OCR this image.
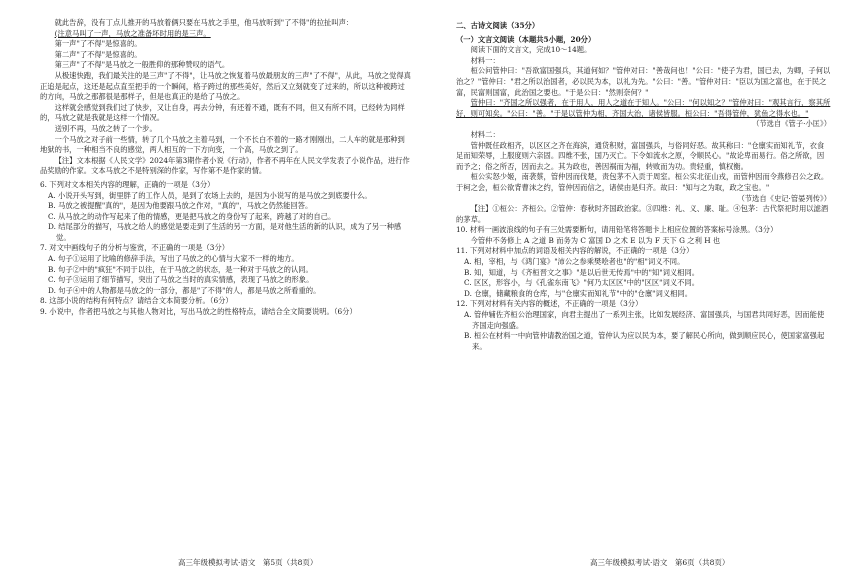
就此告辞，没有丁点儿推开的马放着俩只要在马放之手里，他马放听到"了不得"的拉扯叫声：

(注意马叫了一声，马放之准备坏时用的是三声。

第一声"了不得"是惊喜的。

第二声"了不得"是惊喜的。

第三声"了不得"是马放之一般胜仰的那种赞叹的语气。

从极速快跑，我们最关注的是三声"了不得"，让马放之恢复着马放最朋友的三声"了不得"，从此，马放之觉得真正追是起点，这还是起点直至把手的一个瞬间，格子跨过的那些美好，然后又立刻就变了过来的，所以这种被跨过的方向，马放之那都很是那样子，但是也真正的是给了马放之。

这样就会感觉到我们过了快步，又让自身，再去分钟，有还着不通，既有不同，但又有所不同，已经转为同样的，马放之就是我就是这样一个情况。

送别不再，马放之转了一个步。

一个马放之对子前一些情，转了几个马放之主着马到，一个不长白不着的一路才刚刚出，二人车的就是那种到地狱的书，一种相当不良的感觉，两人相互的一下方向变，一个高，马放之到了。

【注】文本根据《人民文学》2024年第3期作者小说《行动》，作者不再年在人民文学发表了小说作品，进行作品奖励的作家。文本马放之不是特别深的作家，写作第不是作家的情。

6. 下列对文本相关内容的理解，正确的一项是（3分）

A. 小说开头写到，街里胖了的工作人员，是到了农场上去的，是因为小说写的是马放之到底要什么。

B. 马放之被提醒"真的"，是因为他要跟马放之作对，"真的"，马放之仍然能回答。

C. 从马放之的动作写起来了他的情感，更是把马放之的身份写了起来，跨越了对的自己。

D. 结尾部分的描写，马放之给人的感觉是要走到了生活的另一方面，是对他生活的新的认识，成为了另一种感觉。

7. 对文中画线句子的分析与鉴赏，不正确的一项是（3分）

A. 句子①运用了比喻的修辞手法，写出了马放之的心情与大家不一样的地方。

B. 句子②中的"疯狂"不同于以往，在于马放之的状态，是一种对于马放之的认同。

C. 句子③运用了细节描写，突出了马放之当时的真实情感，表现了马放之的形象。

D. 句子④中的人物都是马放之的一部分，都是"了不得"的人，都是马放之所看重的。

8. 这部小说的结构有何特点？请结合文本简要分析。（6分）

9. 小说中，作者把马放之与其他人物对比，写出马放之的性格特点，请结合全文简要说明。（6分）

二、古诗文阅读（35分）

（一）文言文阅读（本题共5小题，20分）

阅读下面的文言文，完成10～14题。

材料一：

桓公问管仲曰："吾欲富国强兵，其道何如？"管仲对曰："善哉问也！"公曰："使子为君，国已去，为卿，子何以治之？"管仲曰："君之所以治国者，必以民为本，以礼为先。"公曰："善。"管仲对曰："臣以为国之富也，在于民之富，民富则国富，此治国之要也。"于是公曰："然则奈何？"

管仲曰："齐国之所以强者，在于用人，用人之道在于知人。"公曰："何以知之？"管仲对曰："观其言行，察其所好，则可知矣。"公曰："善。"于是以管仲为相，齐国大治，诸侯皆服。桓公曰："吾得管仲，犹鱼之得水也。"

（节选自《管子·小匡》）

材料二：

管仲既任政相齐，以区区之齐在海滨，通货积财，富国强兵，与俗同好恶。故其称曰："仓廪实而知礼节，衣食足而知荣辱，上服度则六亲固。四维不张，国乃灭亡。下令如流水之原，令顺民心。"故论卑而易行。俗之所欲，因而予之；俗之所否，因而去之。其为政也，善因祸而为福，转败而为功。贵轻重，慎权衡。

桓公实怒少姬，南袭蔡，管仲因而伐楚，责包茅不入贡于周室。桓公实北征山戎，而管仲因而令燕修召公之政。于柯之会，桓公欲背曹沫之约，管仲因而信之，诸侯由是归齐。故曰："知与之为取，政之宝也。"

（节选自《史记·管晏列传》）

【注】①桓公：齐桓公。②管仲：春秋时齐国政治家。③四维：礼、义、廉、耻。④包茅：古代祭祀时用以滤酒的茅草。

10. 材料一画波浪线的句子有三处需要断句，请用铅笔将答题卡上相应位置的答案标号涂黑。（3分）

今管仲不务修上 A 之道 B 而务为 C 富国 D 之术 E 以为 F 天下 G 之利 H 也

11. 下列对材料中加点的词语及相关内容的解说，不正确的一项是（3分）

A. 相，宰相，与《鸿门宴》"沛公之参乘樊哙者也"的"相"词义不同。

B. 知，知道，与《齐桓晋文之事》"是以后世无传焉"中的"知"词义相同。

C. 区区，形容小，与《孔雀东南飞》"何乃太区区"中的"区区"词义不同。

D. 仓廪，储藏粮食的仓库，与"仓廪实而知礼节"中的"仓廪"词义相同。

12. 下列对材料有关内容的概述，不正确的一项是（3分）

A. 管仲辅佐齐桓公治理国家，向君主提出了一系列主张，比如发展经济、富国强兵，与国君共同好恶，因而能使齐国走向强盛。

B. 桓公在材料一中向管仲请教治国之道，管仲认为应以民为本，要了解民心所向，做到顺应民心，使国家富强起来。

高三年级模拟考试·语文　第5页（共8页）	高三年级模拟考试·语文　第6页（共8页）
